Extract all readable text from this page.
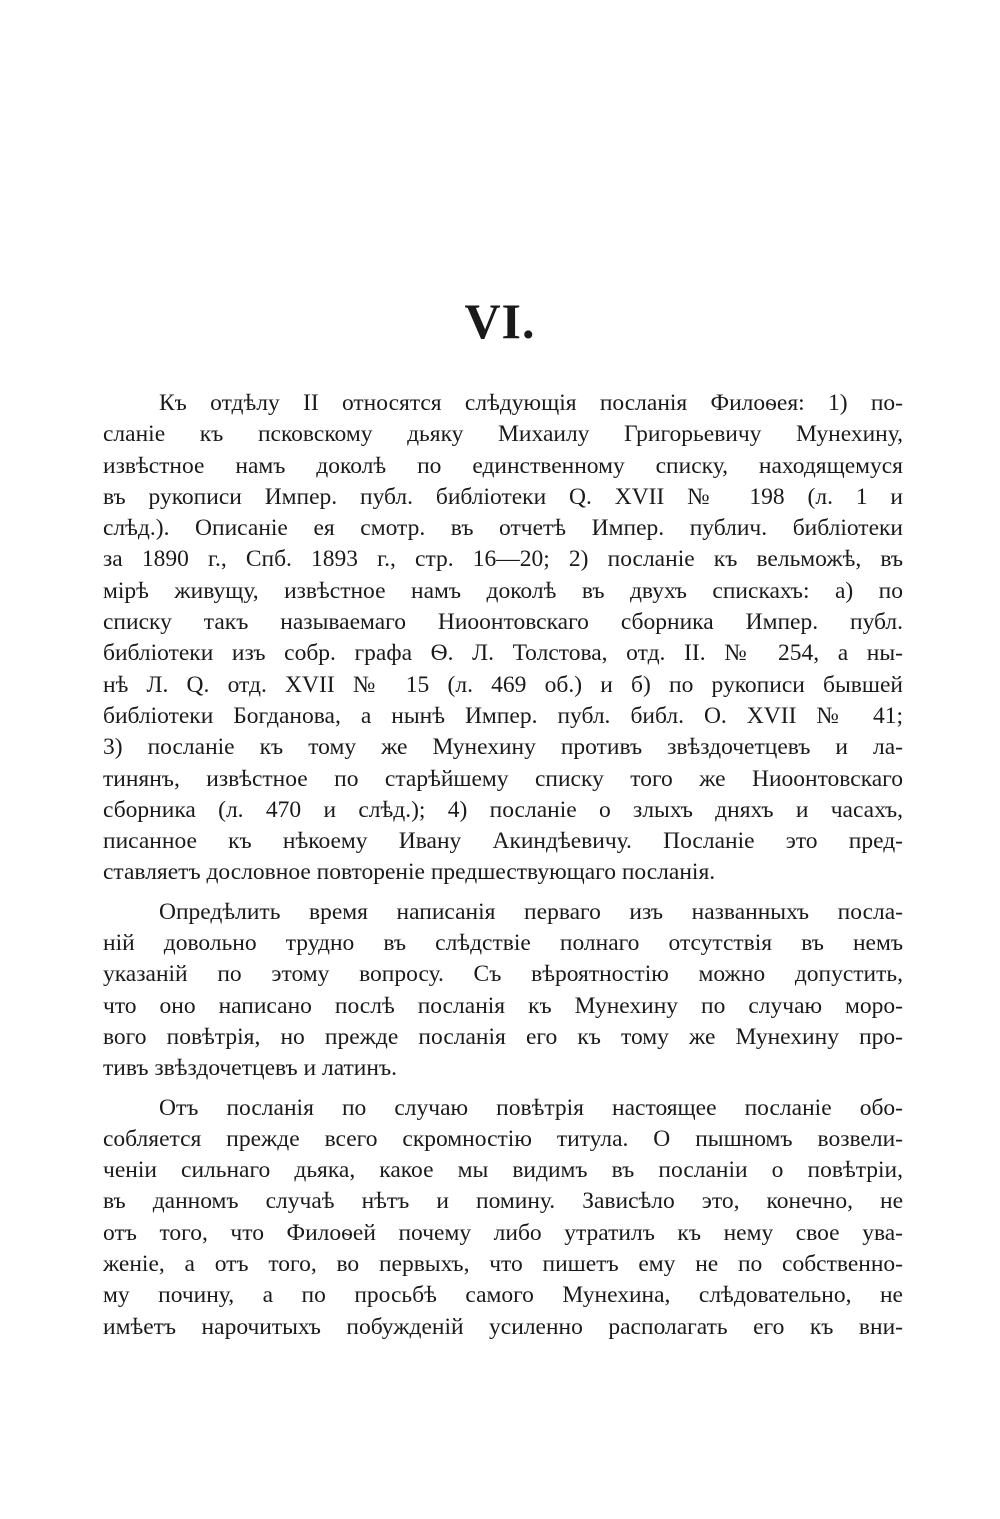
VI.

Къ отдѣлу II относятся слѣдующія посланія Филоѳея: 1) по-
сланіе къ псковскому дьяку Михаилу Григорьевичу Мунехину,
извѣстное намъ доколѣ по единственному списку, находящемуся
въ рукописи Импер. публ. библіотеки Q. XVII № 198 (л. 1 и
слѣд.). Описаніе ея смотр. въ отчетѣ Импер. публич. библіотеки
за 1890 г., Спб. 1893 г., стр. 16—20; 2) посланіе къ вельможѣ, въ
мірѣ живущу, извѣстное намъ доколѣ въ двухъ спискахъ: а) по
списку такъ называемаго Ниоонтовскаго сборника Импер. публ.
библіотеки изъ собр. графа Ѳ. Л. Толстова, отд. II. № 254, а ны-
нѣ Л. Q. отд. XVII № 15 (л. 469 об.) и б) по рукописи бывшей
библіотеки Богданова, а нынѣ Импер. публ. библ. О. XVII № 41;
3) посланіе къ тому же Мунехину противъ звѣздочетцевъ и ла-
тинянъ, извѣстное по старѣйшему списку того же Ниоонтовскаго
сборника (л. 470 и слѣд.); 4) посланіе о злыхъ дняхъ и часахъ,
писанное къ нѣкоему Ивану Акиндѣевичу. Посланіе это пред-
ставляетъ дословное повтореніе предшествующаго посланія.

Опредѣлить время написанія перваго изъ названныхъ посла-
ній довольно трудно въ слѣдствіе полнаго отсутствія въ немъ
указаній по этому вопросу. Съ вѣроятностію можно допустить,
что оно написано послѣ посланія къ Мунехину по случаю моро-
вого повѣтрія, но прежде посланія его къ тому же Мунехину про-
тивъ звѣздочетцевъ и латинъ.

Отъ посланія по случаю повѣтрія настоящее посланіе обо-
собляется прежде всего скромностію титула. О пышномъ возвели-
ченіи сильнаго дьяка, какое мы видимъ въ посланіи о повѣтріи,
въ данномъ случаѣ нѣтъ и помину. Зависѣло это, конечно, не
отъ того, что Филоѳей почему либо утратилъ къ нему свое ува-
женіе, а отъ того, во первыхъ, что пишетъ ему не по собственно-
му почину, а по просьбѣ самого Мунехина, слѣдовательно, не
имѣетъ нарочитыхъ побужденій усиленно располагать его къ вни-
